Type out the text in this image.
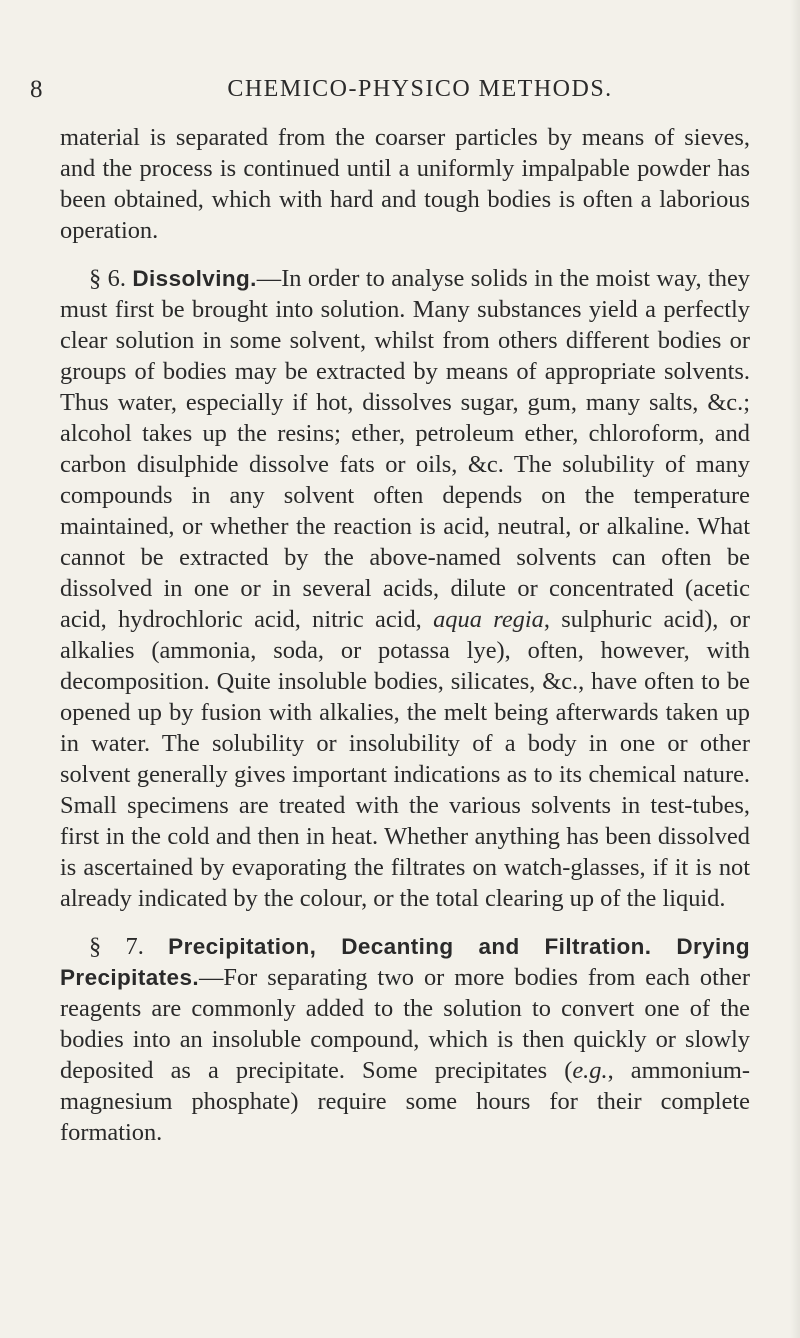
8	CHEMICO-PHYSICO METHODS.

material is separated from the coarser particles by means of sieves, and the process is continued until a uniformly impalpable powder has been obtained, which with hard and tough bodies is often a laborious operation.

§ 6. Dissolving.—In order to analyse solids in the moist way, they must first be brought into solution. Many substances yield a perfectly clear solution in some solvent, whilst from others different bodies or groups of bodies may be extracted by means of appropriate solvents. Thus water, especially if hot, dissolves sugar, gum, many salts, &c.; alcohol takes up the resins; ether, petroleum ether, chloroform, and carbon disulphide dissolve fats or oils, &c. The solubility of many compounds in any solvent often depends on the temperature maintained, or whether the reaction is acid, neutral, or alkaline. What cannot be extracted by the above-named solvents can often be dissolved in one or in several acids, dilute or concentrated (acetic acid, hydrochloric acid, nitric acid, aqua regia, sulphuric acid), or alkalies (ammonia, soda, or potassa lye), often, however, with decomposition. Quite insoluble bodies, silicates, &c., have often to be opened up by fusion with alkalies, the melt being afterwards taken up in water. The solubility or insolubility of a body in one or other solvent generally gives important indications as to its chemical nature. Small specimens are treated with the various solvents in test-tubes, first in the cold and then in heat. Whether anything has been dissolved is ascertained by evaporating the filtrates on watch-glasses, if it is not already indicated by the colour, or the total clearing up of the liquid.

§ 7. Precipitation, Decanting and Filtration. Drying Precipitates.—For separating two or more bodies from each other reagents are commonly added to the solution to convert one of the bodies into an insoluble compound, which is then quickly or slowly deposited as a precipitate. Some precipitates (e.g., ammonium-magnesium phosphate) require some hours for their complete formation.
